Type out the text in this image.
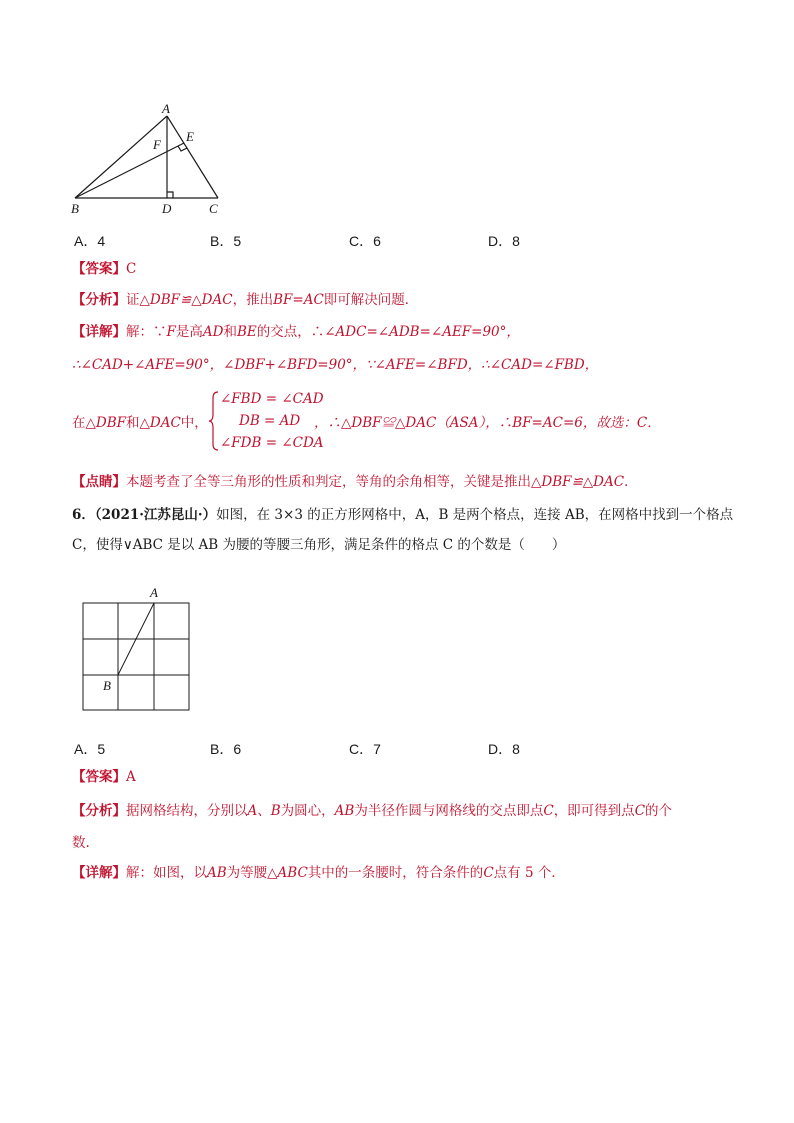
A
B	C
D
E
F
A．4	B．5	C．6	D．8
【答案】C
【分析】证△DBF≌△DAC，推出BF=AC即可解决问题．
【详解】解：∵F是高AD和BE的交点，∴∠ADC=∠ADB=∠AEF=90°，
∴∠CAD+∠AFE=90°，∠DBF+∠BFD=90°，∵∠AFE=∠BFD，∴∠CAD=∠FBD，
在△DBF和△DAC中，
∠FBD = ∠CAD
DB = AD
∠FDB = ∠CDA
，∴△DBF≌△DAC（ASA），∴BF=AC=6，故选：C．
【点睛】本题考查了全等三角形的性质和判定，等角的余角相等，关键是推出△DBF≌△DAC．
6．（2021·江苏昆山·）如图，在 3×3 的正方形网格中，A，B 是两个格点，连接 AB，在网格中找到一个格点
C，使得∨ABC 是以 AB 为腰的等腰三角形，满足条件的格点 C 的个数是（　　）
A
B
A．5	B．6	C．7	D．8
【答案】A
【分析】据网格结构，分别以A、B为圆心，AB为半径作圆与网格线的交点即点C，即可得到点C的个
数.
【详解】解：如图，以AB为等腰△ABC其中的一条腰时，符合条件的C点有 5 个．
